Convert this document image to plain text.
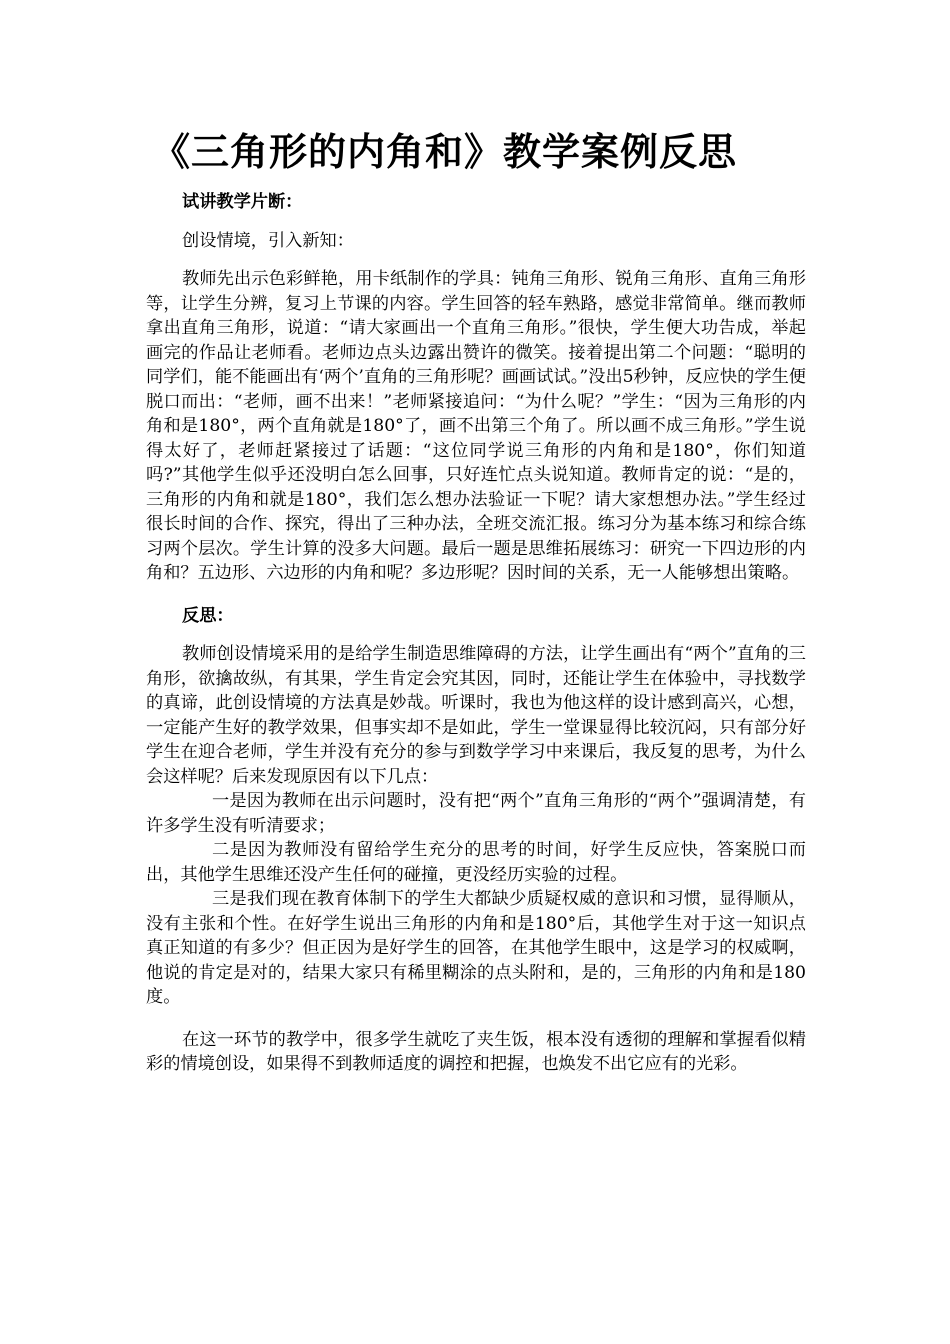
《三角形的内角和》教学案例反思

试讲教学片断：

创设情境，引入新知：

教师先出示色彩鲜艳，用卡纸制作的学具：钝角三角形、锐角三角形、直角三角形等，让学生分辨，复习上节课的内容。学生回答的轻车熟路，感觉非常简单。继而教师拿出直角三角形，说道：“请大家画出一个直角三角形。”很快，学生便大功告成，举起画完的作品让老师看。老师边点头边露出赞许的微笑。接着提出第二个问题：“聪明的同学们，能不能画出有‘两个’直角的三角形呢？画画试试。”没出5秒钟，反应快的学生便脱口而出：“老师，画不出来！”老师紧接追问：“为什么呢？”学生：“因为三角形的内角和是180°，两个直角就是180°了，画不出第三个角了。所以画不成三角形。”学生说得太好了，老师赶紧接过了话题：“这位同学说三角形的内角和是180°，你们知道吗?”其他学生似乎还没明白怎么回事，只好连忙点头说知道。教师肯定的说：“是的，三角形的内角和就是180°，我们怎么想办法验证一下呢？请大家想想办法。”学生经过很长时间的合作、探究，得出了三种办法，全班交流汇报。练习分为基本练习和综合练习两个层次。学生计算的没多大问题。最后一题是思维拓展练习：研究一下四边形的内角和？五边形、六边形的内角和呢？多边形呢？因时间的关系，无一人能够想出策略。

反思：

教师创设情境采用的是给学生制造思维障碍的方法，让学生画出有“两个”直角的三角形，欲擒故纵，有其果，学生肯定会究其因，同时，还能让学生在体验中，寻找数学的真谛，此创设情境的方法真是妙哉。听课时，我也为他这样的设计感到高兴，心想，一定能产生好的教学效果，但事实却不是如此，学生一堂课显得比较沉闷，只有部分好学生在迎合老师，学生并没有充分的参与到数学学习中来课后，我反复的思考，为什么会这样呢？后来发现原因有以下几点：

一是因为教师在出示问题时，没有把“两个”直角三角形的“两个”强调清楚，有许多学生没有听清要求；

二是因为教师没有留给学生充分的思考的时间，好学生反应快，答案脱口而出，其他学生思维还没产生任何的碰撞，更没经历实验的过程。

三是我们现在教育体制下的学生大都缺少质疑权威的意识和习惯，显得顺从，没有主张和个性。在好学生说出三角形的内角和是180°后，其他学生对于这一知识点真正知道的有多少？但正因为是好学生的回答，在其他学生眼中，这是学习的权威啊，他说的肯定是对的，结果大家只有稀里糊涂的点头附和，是的，三角形的内角和是180度。

在这一环节的教学中，很多学生就吃了夹生饭，根本没有透彻的理解和掌握看似精彩的情境创设，如果得不到教师适度的调控和把握，也焕发不出它应有的光彩。
